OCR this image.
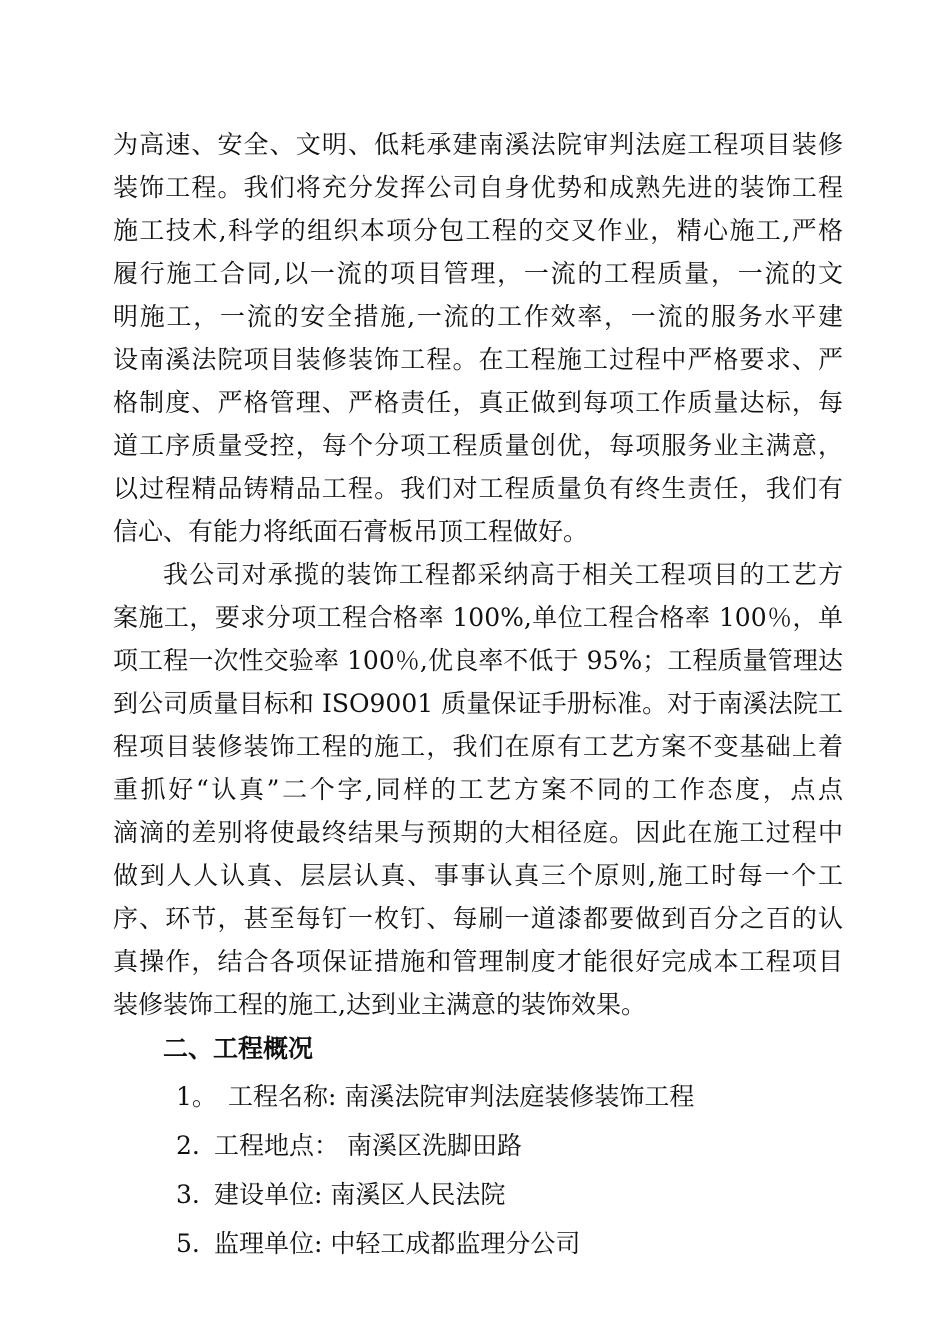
为高速、安全、文明、低耗承建南溪法院审判法庭工程项目装修
装饰工程。我们将充分发挥公司自身优势和成熟先进的装饰工程
施工技术,科学的组织本项分包工程的交叉作业，精心施工,严格
履行施工合同,以一流的项目管理，一流的工程质量，一流的文
明施工，一流的安全措施,一流的工作效率，一流的服务水平建
设南溪法院项目装修装饰工程。在工程施工过程中严格要求、严
格制度、严格管理、严格责任，真正做到每项工作质量达标，每
道工序质量受控，每个分项工程质量创优，每项服务业主满意，
以过程精品铸精品工程。我们对工程质量负有终生责任，我们有
信心、有能力将纸面石膏板吊顶工程做好。
我公司对承揽的装饰工程都采纳高于相关工程项目的工艺方
案施工，要求分项工程合格率 100%,单位工程合格率 100％，单
项工程一次性交验率 100％,优良率不低于 95%；工程质量管理达
到公司质量目标和 ISO9001 质量保证手册标准。对于南溪法院工
程项目装修装饰工程的施工，我们在原有工艺方案不变基础上着
重抓好“认真”二个字,同样的工艺方案不同的工作态度，点点
滴滴的差别将使最终结果与预期的大相径庭。因此在施工过程中
做到人人认真、层层认真、事事认真三个原则,施工时每一个工
序、环节，甚至每钉一枚钉、每刷一道漆都要做到百分之百的认
真操作，结合各项保证措施和管理制度才能很好完成本工程项目
装修装饰工程的施工,达到业主满意的装饰效果。
二、工程概况
1。 工程名称: 南溪法院审判法庭装修装饰工程
2. 工程地点： 南溪区洗脚田路
3. 建设单位: 南溪区人民法院
5. 监理单位: 中轻工成都监理分公司
